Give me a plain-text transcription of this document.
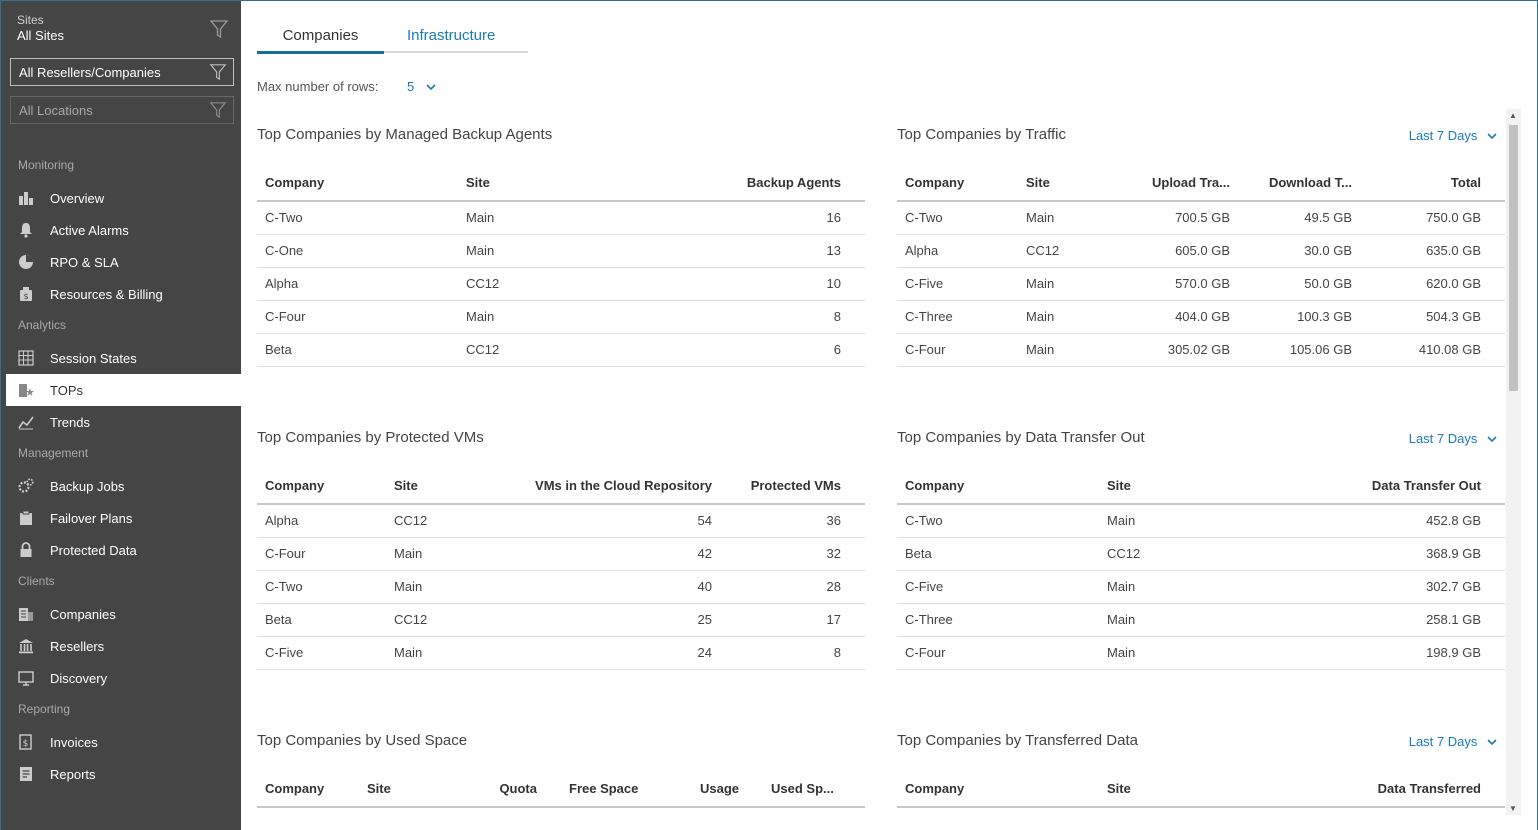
Sites
All Sites
All Resellers/Companies
All Locations
Monitoring
Overview
Active Alarms
RPO & SLA
$ Resources & Billing
Analytics
Session States
TOPs
Trends
Management
Backup Jobs
Failover Plans
Protected Data
Clients
Companies
Resellers
Discovery
Reporting
$ Invoices
Reports
Companies	Infrastructure
Max number of rows: 5
Top Companies by Managed Backup Agents
Company	Site	Backup Agents
C-Two	Main	16
C-One	Main	13
Alpha	CC12	10
C-Four	Main	8
Beta	CC12	6
Top Companies by Traffic	Last 7 Days
Company	Site	Upload Tra...	Download T...	Total
C-Two	Main	700.5 GB	49.5 GB	750.0 GB
Alpha	CC12	605.0 GB	30.0 GB	635.0 GB
C-Five	Main	570.0 GB	50.0 GB	620.0 GB
C-Three	Main	404.0 GB	100.3 GB	504.3 GB
C-Four	Main	305.02 GB	105.06 GB	410.08 GB
Top Companies by Protected VMs
Company	Site	VMs in the Cloud Repository	Protected VMs
Alpha	CC12	54	36
C-Four	Main	42	32
C-Two	Main	40	28
Beta	CC12	25	17
C-Five	Main	24	8
Top Companies by Data Transfer Out	Last 7 Days
Company	Site	Data Transfer Out
C-Two	Main	452.8 GB
Beta	CC12	368.9 GB
C-Five	Main	302.7 GB
C-Three	Main	258.1 GB
C-Four	Main	198.9 GB
Top Companies by Used Space
Company	Site	Quota	Free Space	Usage	Used Sp...
Top Companies by Transferred Data	Last 7 Days
Company	Site	Data Transferred
▲
▼
